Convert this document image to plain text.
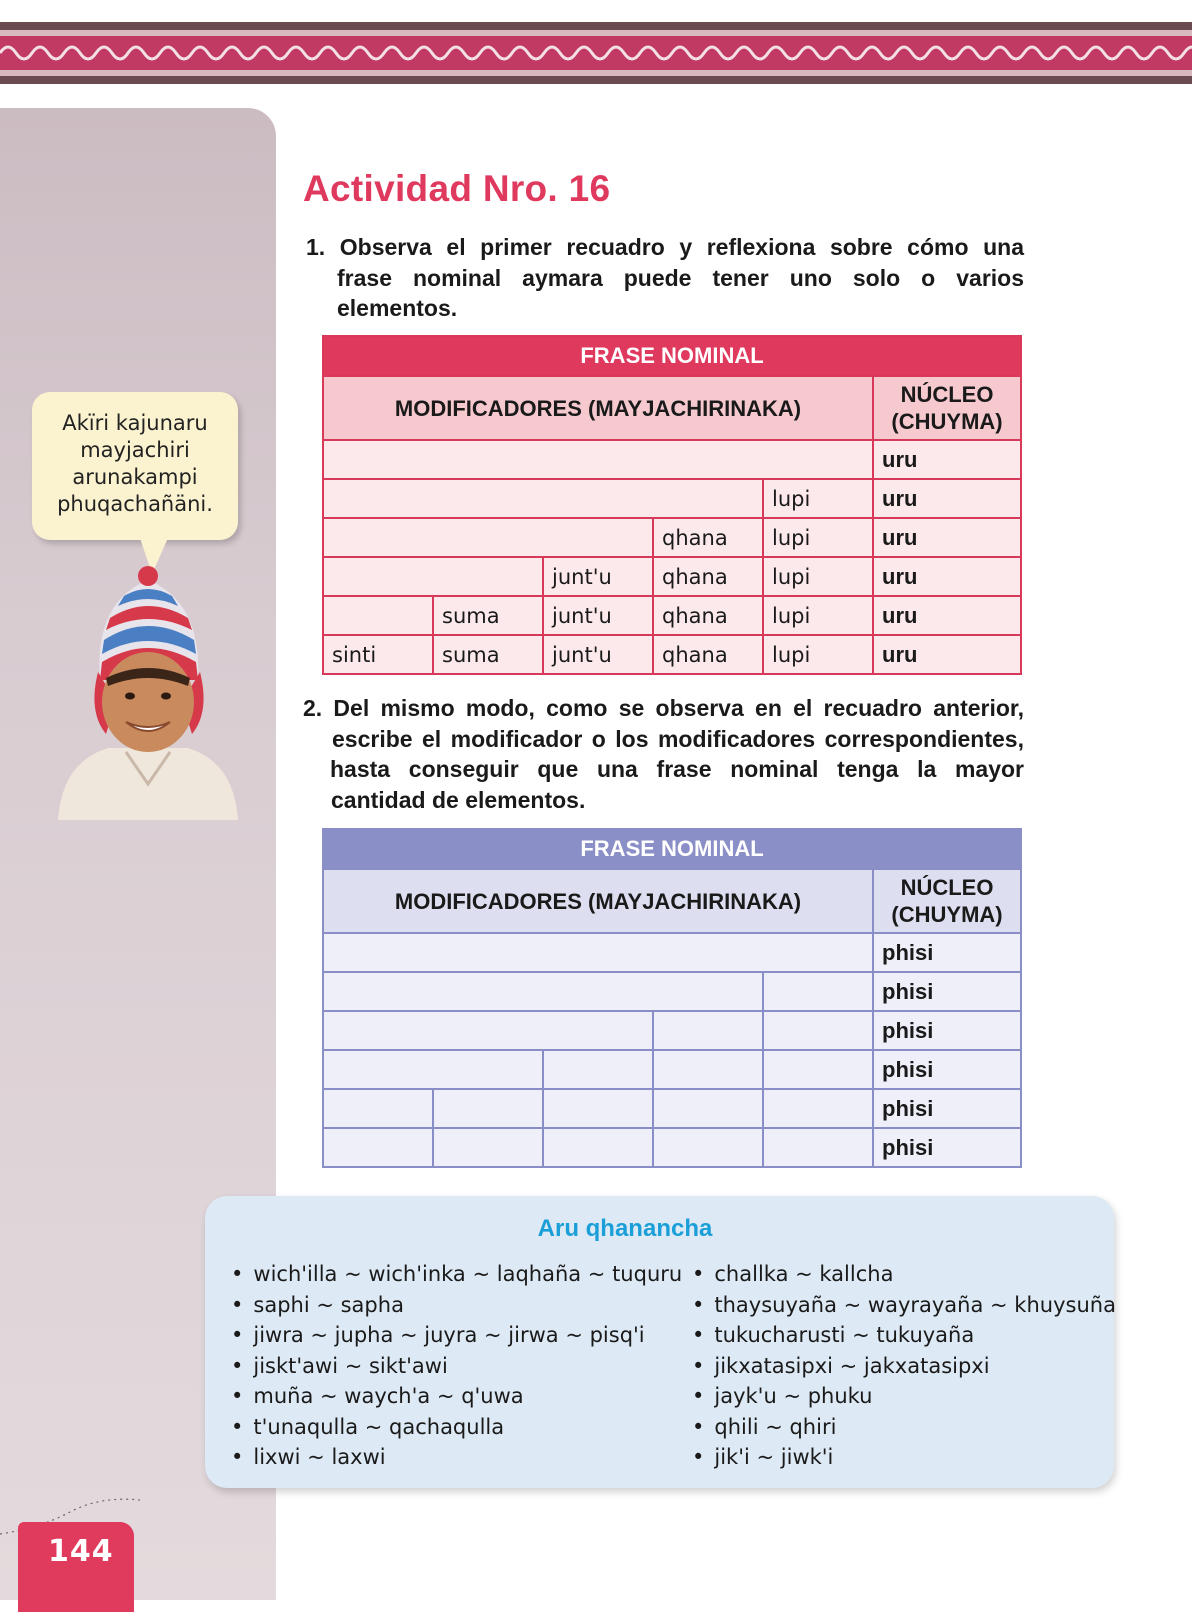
Akïri kajunaru
mayjachiri
arunakampi
phuqachañäni.
144
Actividad Nro. 16
1. Observa el primer recuadro y reflexiona sobre cómo una
frase nominal aymara puede tener uno solo o varios
elementos.
FRASE NOMINAL					
MODIFICADORES (MAYJACHIRINAKA)					NÚCLEO (CHUYMA)
					uru
				lupi	uru
			qhana	lupi	uru
		junt'u	qhana	lupi	uru
	suma	junt'u	qhana	lupi	uru
sinti	suma	junt'u	qhana	lupi	uru
2. Del mismo modo, como se observa en el recuadro anterior,
escribe el modificador o los modificadores correspondientes,
hasta conseguir que una frase nominal tenga la mayor
cantidad de elementos.
FRASE NOMINAL					
MODIFICADORES (MAYJACHIRINAKA)					NÚCLEO (CHUYMA)
					phisi
					phisi
					phisi
					phisi
					phisi
					phisi
Aru qhanancha
• wich'illa ~ wich'inka ~ laqhaña ~ tuquru
• saphi ~ sapha
• jiwra ~ jupha ~ juyra ~ jirwa ~ pisq'i
• jiskt'awi ~ sikt'awi
• muña ~ waych'a ~ q'uwa
• t'unaqulla ~ qachaqulla
• lixwi ~ laxwi
• challka ~ kallcha
• thaysuyaña ~ wayrayaña ~ khuysuña
• tukucharusti ~ tukuyaña
• jikxatasipxi ~ jakxatasipxi
• jayk'u ~ phuku
• qhili ~ qhiri
• jik'i ~ jiwk'i
